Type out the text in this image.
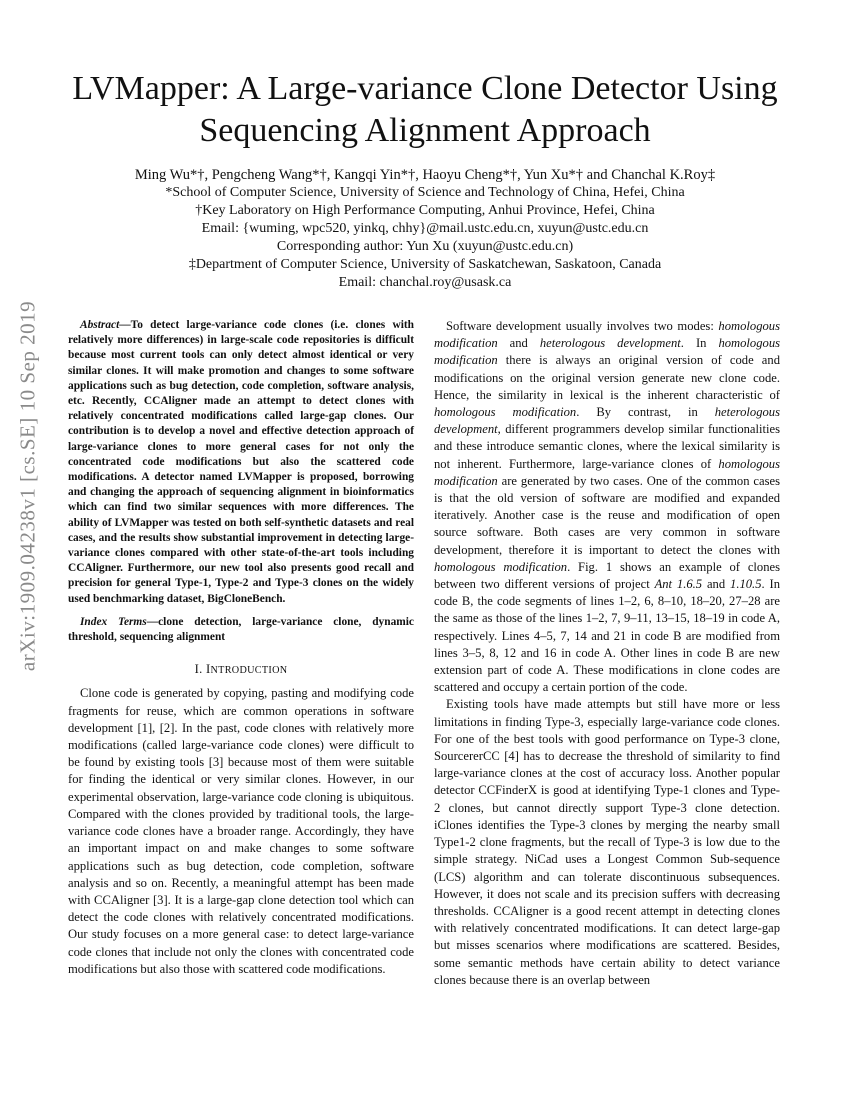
arXiv:1909.04238v1 [cs.SE] 10 Sep 2019
LVMapper: A Large-variance Clone Detector Using
Sequencing Alignment Approach
Ming Wu*†, Pengcheng Wang*†, Kangqi Yin*†, Haoyu Cheng*†, Yun Xu*† and Chanchal K.Roy‡
*School of Computer Science, University of Science and Technology of China, Hefei, China
†Key Laboratory on High Performance Computing, Anhui Province, Hefei, China
Email: {wuming, wpc520, yinkq, chhy}@mail.ustc.edu.cn, xuyun@ustc.edu.cn
Corresponding author: Yun Xu (xuyun@ustc.edu.cn)
‡Department of Computer Science, University of Saskatchewan, Saskatoon, Canada
Email: chanchal.roy@usask.ca

Abstract—To detect large-variance code clones (i.e. clones with relatively more differences) in large-scale code repositories is difficult because most current tools can only detect almost identical or very similar clones. It will make promotion and changes to some software applications such as bug detection, code completion, software analysis, etc. Recently, CCAligner made an attempt to detect clones with relatively concentrated modifications called large-gap clones. Our contribution is to develop a novel and effective detection approach of large-variance clones to more general cases for not only the concentrated code modifications but also the scattered code modifications. A detector named LVMapper is proposed, borrowing and changing the approach of sequencing alignment in bioinformatics which can find two similar sequences with more differences. The ability of LVMapper was tested on both self-synthetic datasets and real cases, and the results show substantial improvement in detecting large-variance clones compared with other state-of-the-art tools including CCAligner. Furthermore, our new tool also presents good recall and precision for general Type-1, Type-2 and Type-3 clones on the widely used benchmarking dataset, BigCloneBench.

Index Terms—clone detection, large-variance clone, dynamic threshold, sequencing alignment

I. INTRODUCTION

Clone code is generated by copying, pasting and modifying code fragments for reuse, which are common operations in software development [1], [2]. In the past, code clones with relatively more modifications (called large-variance code clones) were difficult to be found by existing tools [3] because most of them were suitable for finding the identical or very similar clones. However, in our experimental observation, large-variance code cloning is ubiquitous. Compared with the clones provided by traditional tools, the large-variance code clones have a broader range. Accordingly, they have an important impact on and make changes to some software applications such as bug detection, code completion, software analysis and so on. Recently, a meaningful attempt has been made with CCAligner [3]. It is a large-gap clone detection tool which can detect the code clones with relatively concentrated modifications. Our study focuses on a more general case: to detect large-variance code clones that include not only the clones with concentrated code modifications but also those with scattered code modifications.

Software development usually involves two modes: homologous modification and heterologous development. In homologous modification there is always an original version of code and modifications on the original version generate new clone code. Hence, the similarity in lexical is the inherent characteristic of homologous modification. By contrast, in heterologous development, different programmers develop similar functionalities and these introduce semantic clones, where the lexical similarity is not inherent. Furthermore, large-variance clones of homologous modification are generated by two cases. One of the common cases is that the old version of software are modified and expanded iteratively. Another case is the reuse and modification of open source software. Both cases are very common in software development, therefore it is important to detect the clones with homologous modification. Fig. 1 shows an example of clones between two different versions of project Ant 1.6.5 and 1.10.5. In code B, the code segments of lines 1–2, 6, 8–10, 18–20, 27–28 are the same as those of the lines 1–2, 7, 9–11, 13–15, 18–19 in code A, respectively. Lines 4–5, 7, 14 and 21 in code B are modified from lines 3–5, 8, 12 and 16 in code A. Other lines in code B are new extension part of code A. These modifications in clone codes are scattered and occupy a certain portion of the code.

Existing tools have made attempts but still have more or less limitations in finding Type-3, especially large-variance code clones. For one of the best tools with good performance on Type-3 clone, SourcererCC [4] has to decrease the threshold of similarity to find large-variance clones at the cost of accuracy loss. Another popular detector CCFinderX is good at identifying Type-1 clones and Type-2 clones, but cannot directly support Type-3 clone detection. iClones identifies the Type-3 clones by merging the nearby small Type1-2 clone fragments, but the recall of Type-3 is low due to the simple strategy. NiCad uses a Longest Common Sub-sequence (LCS) algorithm and can tolerate discontinuous subsequences. However, it does not scale and its precision suffers with decreasing thresholds. CCAligner is a good recent attempt in detecting clones with relatively concentrated modifications. It can detect large-gap but misses scenarios where modifications are scattered. Besides, some semantic methods have certain ability to detect variance clones because there is an overlap between
